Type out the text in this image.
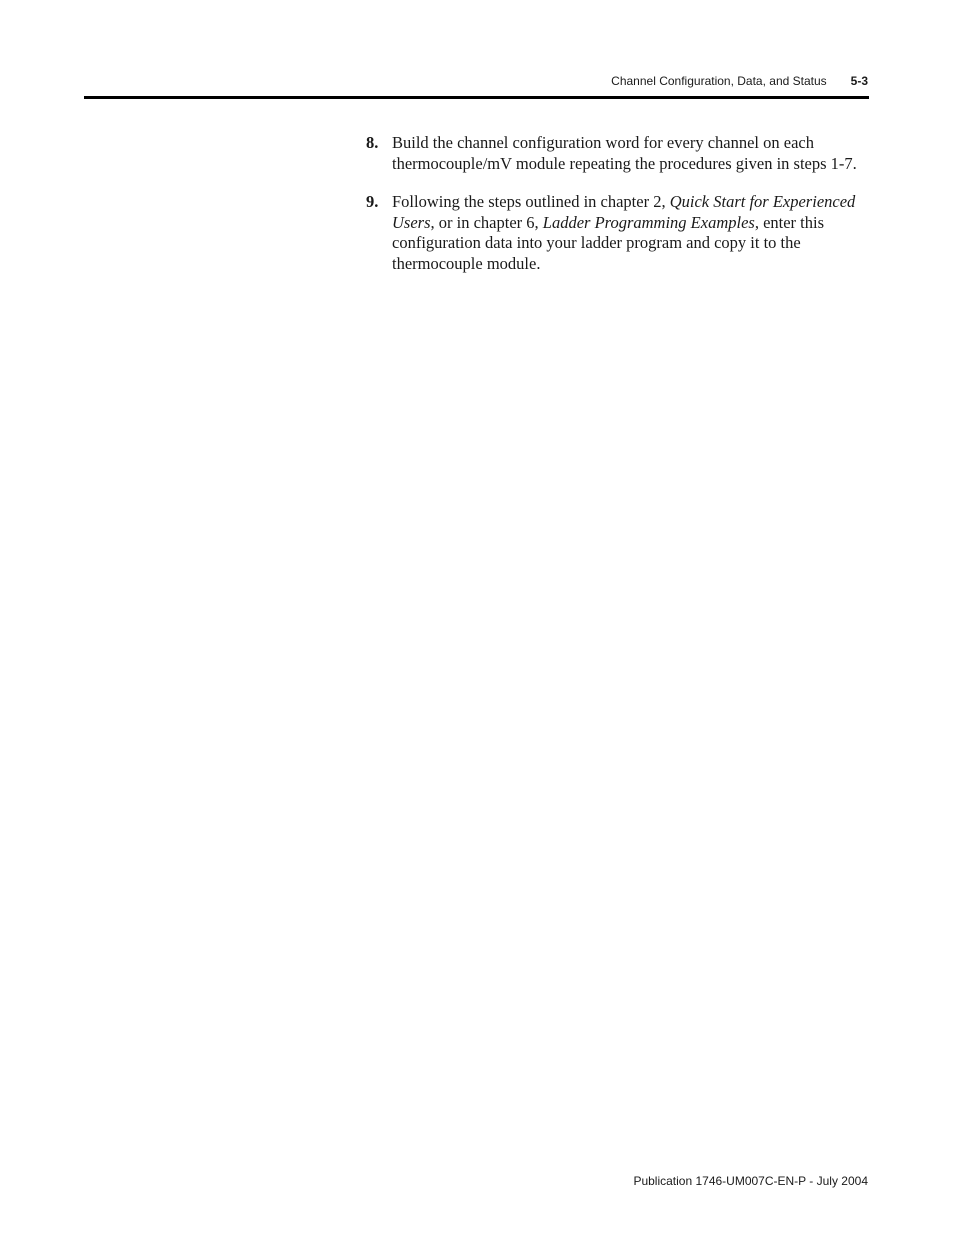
Channel Configuration, Data, and Status 5-3
8. Build the channel configuration word for every channel on each thermocouple/mV module repeating the procedures given in steps 1-7.
9. Following the steps outlined in chapter 2, Quick Start for Experienced Users, or in chapter 6, Ladder Programming Examples, enter this configuration data into your ladder program and copy it to the thermocouple module.
Publication 1746-UM007C-EN-P - July 2004
